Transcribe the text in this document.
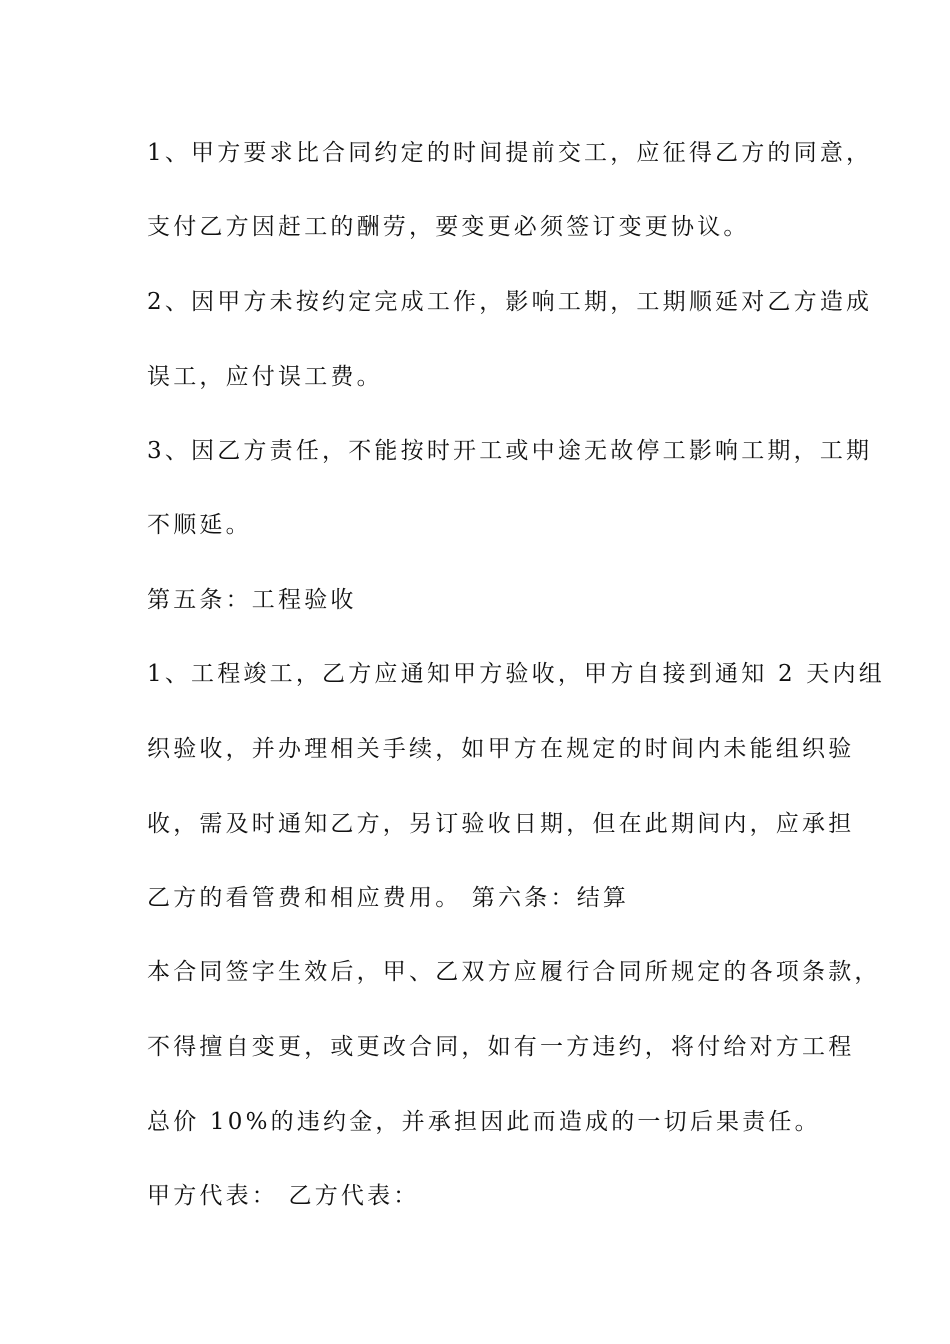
1、甲方要求比合同约定的时间提前交工，应征得乙方的同意，

支付乙方因赶工的酬劳，要变更必须签订变更协议。

2、因甲方未按约定完成工作，影响工期，工期顺延对乙方造成

误工，应付误工费。

3、因乙方责任，不能按时开工或中途无故停工影响工期，工期

不顺延。

第五条：工程验收

1、工程竣工，乙方应通知甲方验收，甲方自接到通知 2 天内组

织验收，并办理相关手续，如甲方在规定的时间内未能组织验

收，需及时通知乙方，另订验收日期，但在此期间内，应承担

乙方的看管费和相应费用。 第六条：结算

本合同签字生效后，甲、乙双方应履行合同所规定的各项条款，

不得擅自变更，或更改合同，如有一方违约，将付给对方工程

总价 10%的违约金，并承担因此而造成的一切后果责任。

甲方代表： 乙方代表：
